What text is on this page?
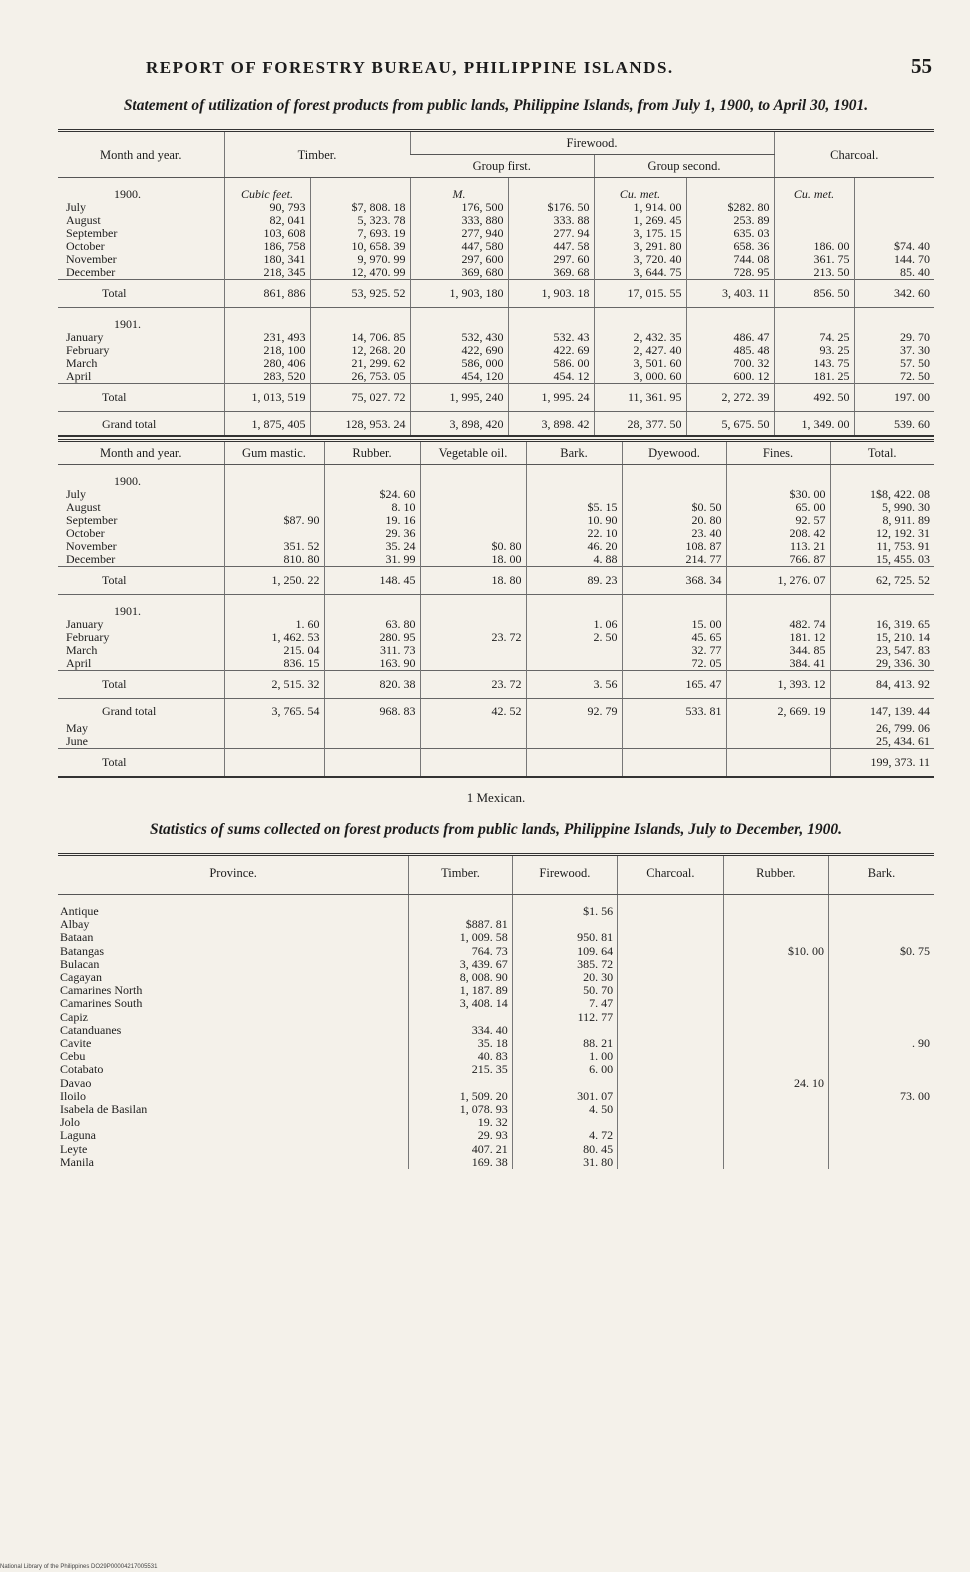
REPORT OF FORESTRY BUREAU, PHILIPPINE ISLANDS.	55
Statement of utilization of forest products from public lands, Philippine Islands, from July 1, 1900, to April 30, 1901.
Month and year.	Timber.		Firewood.				Charcoal.	
			Group first.		Group second.			
1900.	Cubic feet.		M.		Cu. met.		Cu. met.	
July	90, 793	$7, 808. 18	176, 500	$176. 50	1, 914. 00	$282. 80		
August	82, 041	5, 323. 78	333, 880	333. 88	1, 269. 45	253. 89		
September	103, 608	7, 693. 19	277, 940	277. 94	3, 175. 15	635. 03		
October	186, 758	10, 658. 39	447, 580	447. 58	3, 291. 80	658. 36	186. 00	$74. 40
November	180, 341	9, 970. 99	297, 600	297. 60	3, 720. 40	744. 08	361. 75	144. 70
December	218, 345	12, 470. 99	369, 680	369. 68	3, 644. 75	728. 95	213. 50	85. 40
Total	861, 886	53, 925. 52	1, 903, 180	1, 903. 18	17, 015. 55	3, 403. 11	856. 50	342. 60
1901.								
January	231, 493	14, 706. 85	532, 430	532. 43	2, 432. 35	486. 47	74. 25	29. 70
February	218, 100	12, 268. 20	422, 690	422. 69	2, 427. 40	485. 48	93. 25	37. 30
March	280, 406	21, 299. 62	586, 000	586. 00	3, 501. 60	700. 32	143. 75	57. 50
April	283, 520	26, 753. 05	454, 120	454. 12	3, 000. 60	600. 12	181. 25	72. 50
Total	1, 013, 519	75, 027. 72	1, 995, 240	1, 995. 24	11, 361. 95	2, 272. 39	492. 50	197. 00
Grand total	1, 875, 405	128, 953. 24	3, 898, 420	3, 898. 42	28, 377. 50	5, 675. 50	1, 349. 00	539. 60
Month and year.	Gum mastic.	Rubber.	Vegetable oil.	Bark.	Dyewood.	Fines.	Total.
1900.							
July		$24. 60				$30. 00	1$8, 422. 08
August		8. 10		$5. 15	$0. 50	65. 00	5, 990. 30
September	$87. 90	19. 16		10. 90	20. 80	92. 57	8, 911. 89
October		29. 36		22. 10	23. 40	208. 42	12, 192. 31
November	351. 52	35. 24	$0. 80	46. 20	108. 87	113. 21	11, 753. 91
December	810. 80	31. 99	18. 00	4. 88	214. 77	766. 87	15, 455. 03
Total	1, 250. 22	148. 45	18. 80	89. 23	368. 34	1, 276. 07	62, 725. 52
1901.							
January	1. 60	63. 80		1. 06	15. 00	482. 74	16, 319. 65
February	1, 462. 53	280. 95	23. 72	2. 50	45. 65	181. 12	15, 210. 14
March	215. 04	311. 73			32. 77	344. 85	23, 547. 83
April	836. 15	163. 90			72. 05	384. 41	29, 336. 30
Total	2, 515. 32	820. 38	23. 72	3. 56	165. 47	1, 393. 12	84, 413. 92
Grand total	3, 765. 54	968. 83	42. 52	92. 79	533. 81	2, 669. 19	147, 139. 44
May							26, 799. 06
June							25, 434. 61
Total							199, 373. 11
1 Mexican.
Statistics of sums collected on forest products from public lands, Philippine Islands, July to December, 1900.
Province.	Timber.	Firewood.	Charcoal.	Rubber.	Bark.

Antique		$1. 56			
Albay	$887. 81				
Bataan	1, 009. 58	950. 81			
Batangas	764. 73	109. 64		$10. 00	$0. 75
Bulacan	3, 439. 67	385. 72			
Cagayan	8, 008. 90	20. 30			
Camarines North	1, 187. 89	50. 70			
Camarines South	3, 408. 14	7. 47			
Capiz		112. 77			
Catanduanes	334. 40				
Cavite	35. 18	88. 21			. 90
Cebu	40. 83	1. 00			
Cotabato	215. 35	6. 00			
Davao				24. 10	
Iloilo	1, 509. 20	301. 07			73. 00
Isabela de Basilan	1, 078. 93	4. 50			
Jolo	19. 32				
Laguna	29. 93	4. 72			
Leyte	407. 21	80. 45			
Manila	169. 38	31. 80			
National Library of the Philippines DO29P00004217005531
